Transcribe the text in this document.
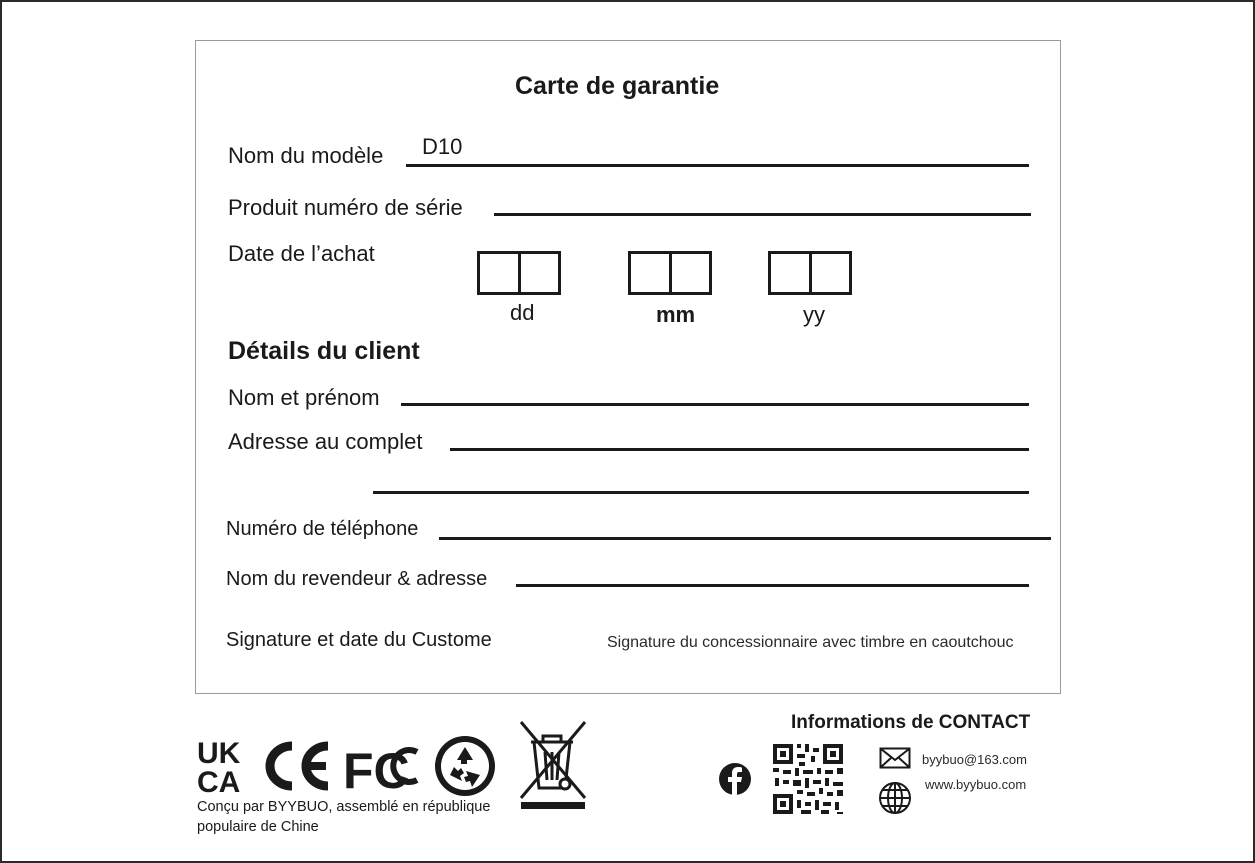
Carte de garantie
Nom du modèle D10
Produit numéro de série
Date de l’achat
dd	mm	yy
Détails du client
Nom et prénom
Adresse au complet
Numéro de téléphone
Nom du revendeur & adresse
Signature et date du Custome	Signature du concessionnaire avec timbre en caoutchouc
UK
CA FC
Conçu par BYYBUO, assemblé en république populaire de Chine
Informations de CONTACT
byybuo@163.com
www.byybuo.com
